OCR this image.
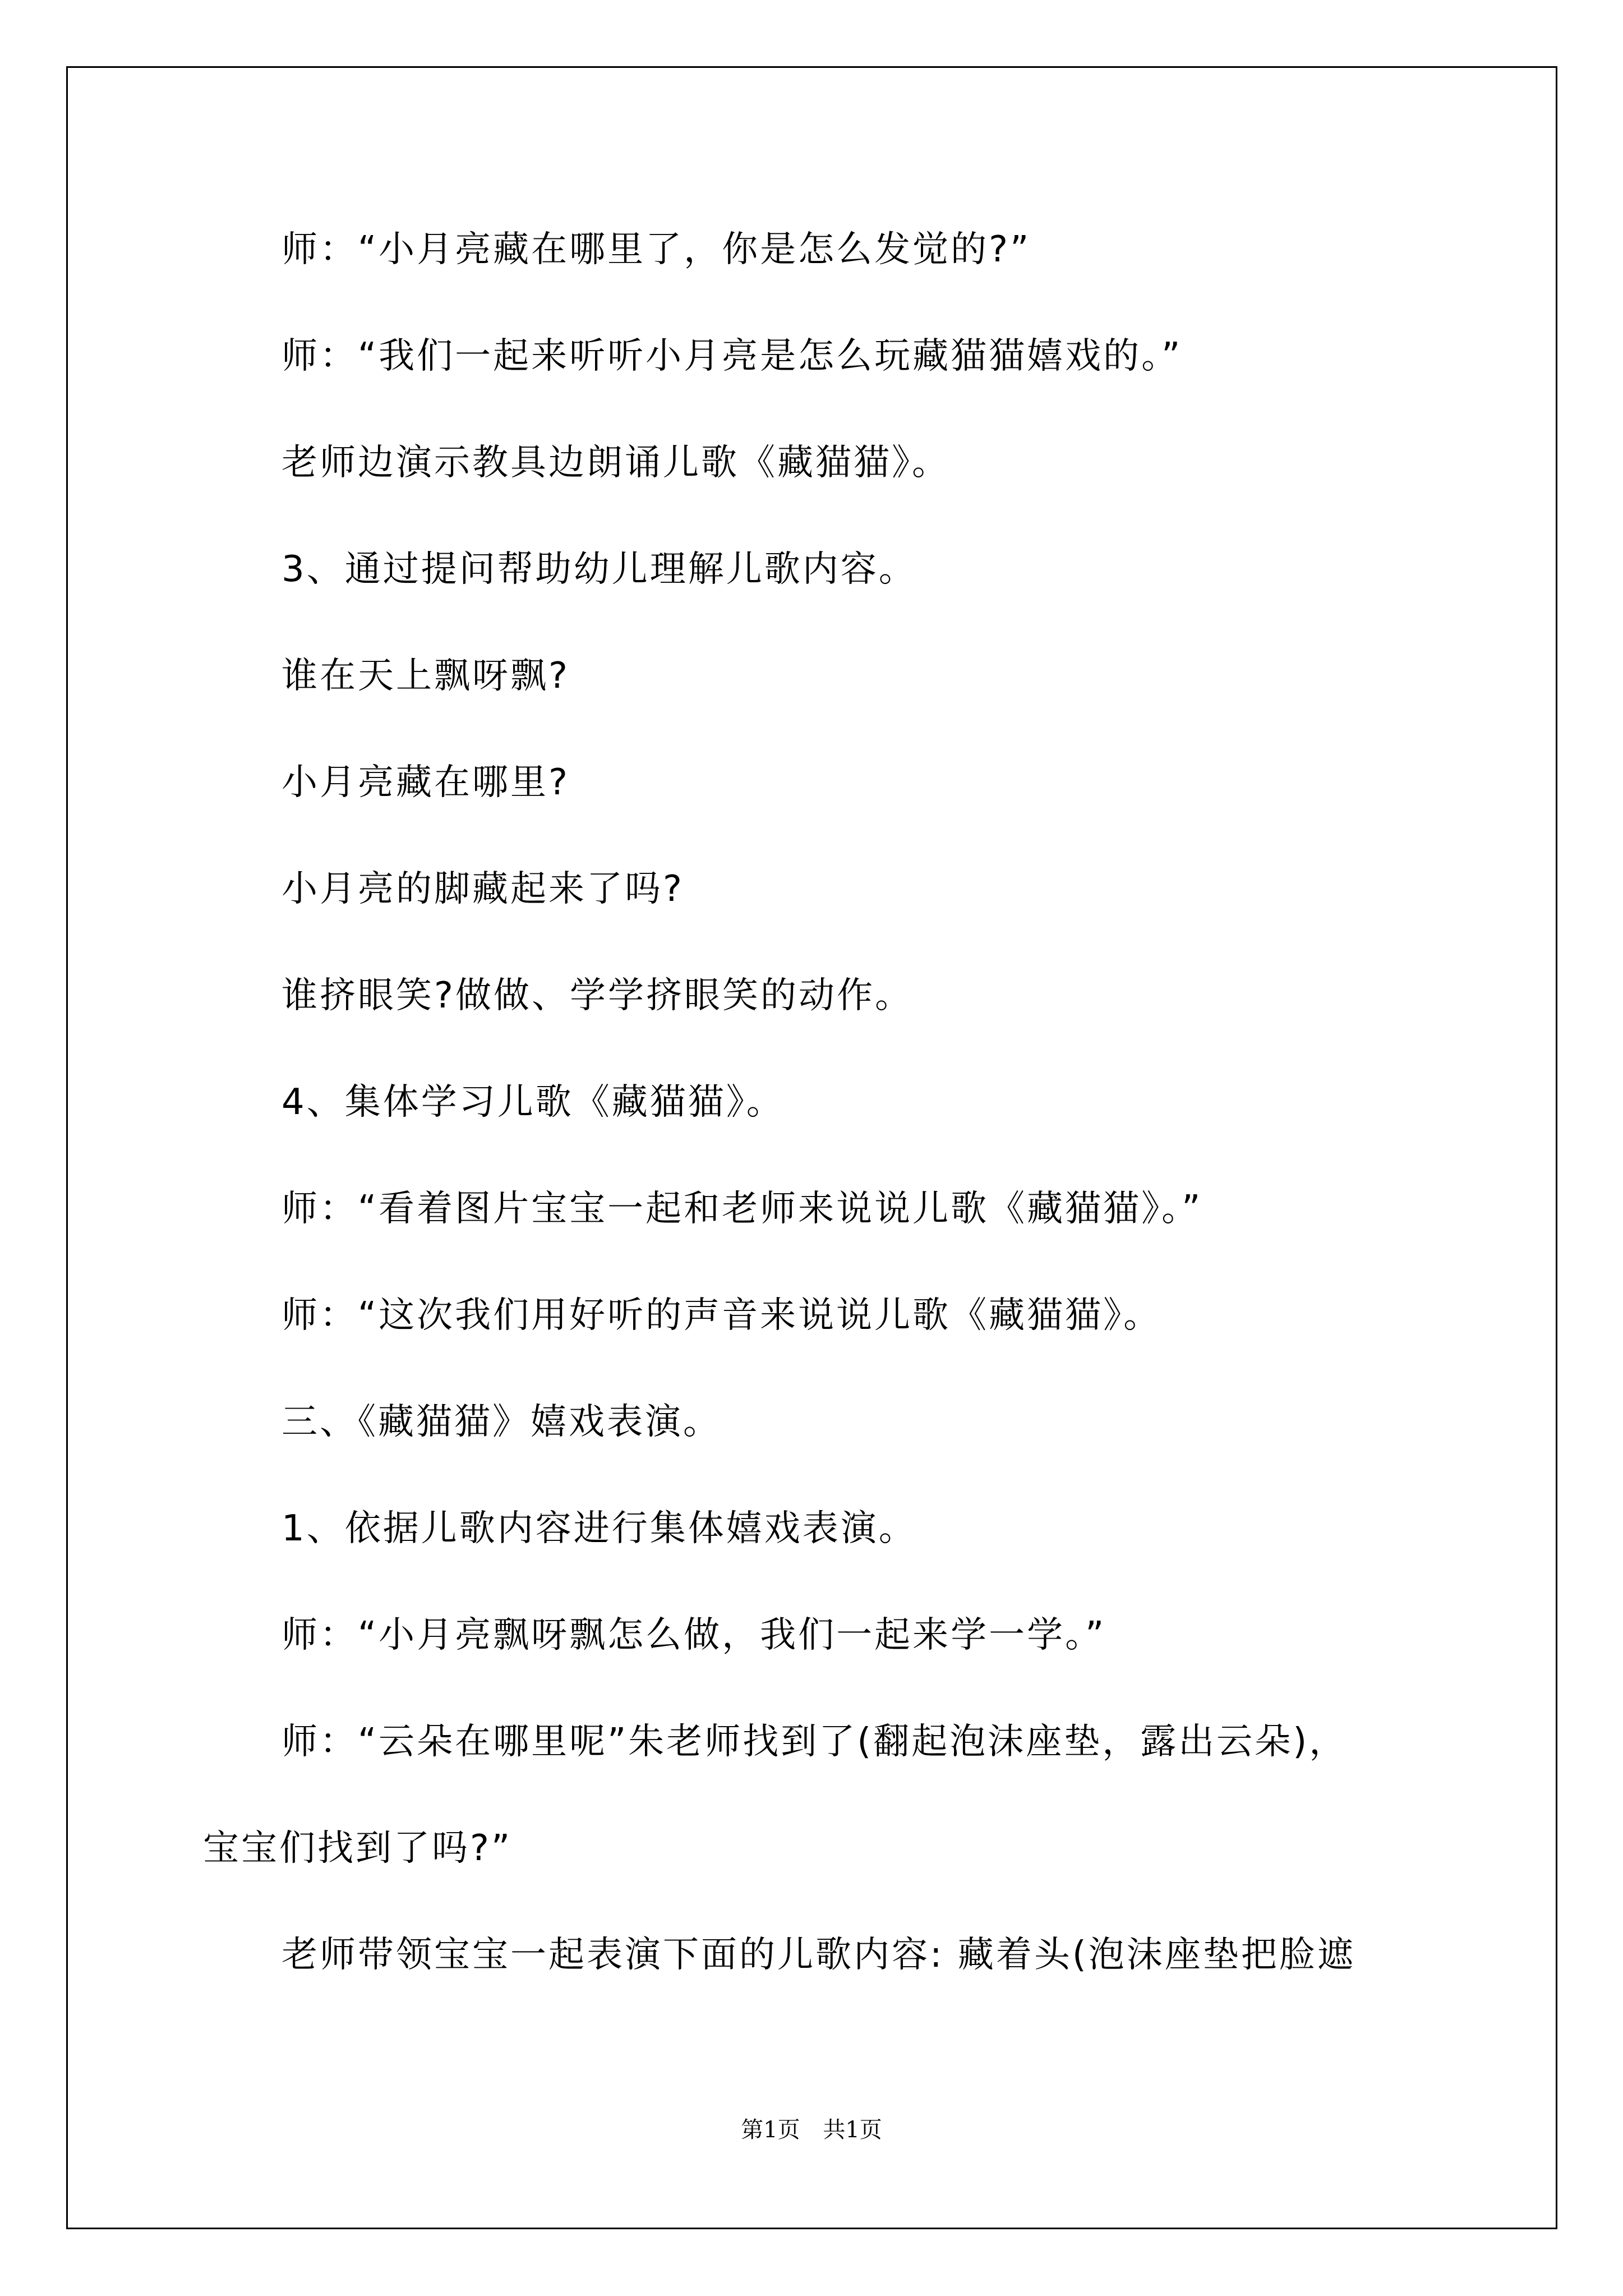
师：“小月亮藏在哪里了，你是怎么发觉的?”

师：“我们一起来听听小月亮是怎么玩藏猫猫嬉戏的。”

老师边演示教具边朗诵儿歌《藏猫猫》。

3、通过提问帮助幼儿理解儿歌内容。

谁在天上飘呀飘?

小月亮藏在哪里?

小月亮的脚藏起来了吗?

谁挤眼笑?做做、学学挤眼笑的动作。

4、集体学习儿歌《藏猫猫》。

师：“看着图片宝宝一起和老师来说说儿歌《藏猫猫》。”

师：“这次我们用好听的声音来说说儿歌《藏猫猫》。

三、《藏猫猫》嬉戏表演。

1、依据儿歌内容进行集体嬉戏表演。

师：“小月亮飘呀飘怎么做，我们一起来学一学。”

师：“云朵在哪里呢”朱老师找到了(翻起泡沫座垫，露出云朵)，

宝宝们找到了吗?”

老师带领宝宝一起表演下面的儿歌内容: 藏着头(泡沫座垫把脸遮

第1页 共1页
